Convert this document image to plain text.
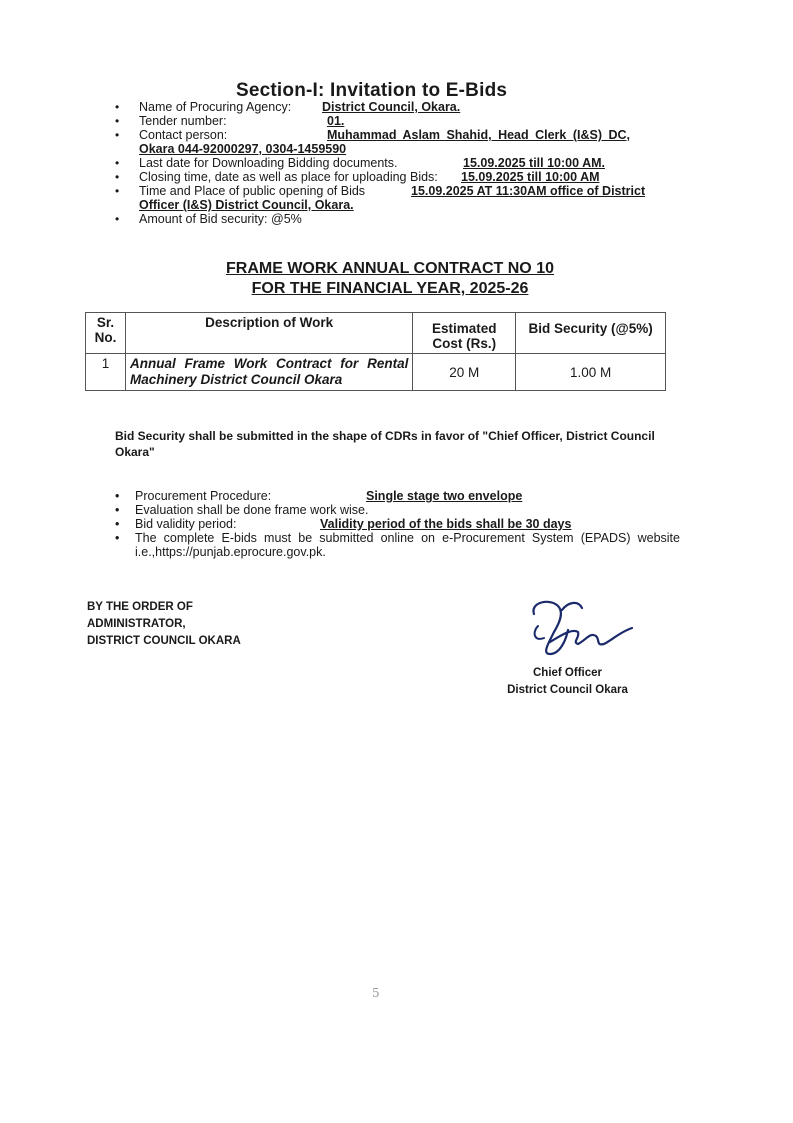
Section-I: Invitation to E-Bids
• Name of Procuring Agency: District Council, Okara.
• Tender number:	01.
• Contact person:	Muhammad Aslam Shahid, Head Clerk (I&S) DC,
Okara 044-92000297, 0304-1459590
• Last date for Downloading Bidding documents.	15.09.2025 till 10:00 AM.
• Closing time, date as well as place for uploading Bids: 15.09.2025 till 10:00 AM
• Time and Place of public opening of Bids	15.09.2025 AT 11:30AM office of District
Officer (I&S) District Council, Okara.
• Amount of Bid security: @5%
FRAME WORK ANNUAL CONTRACT NO 10
FOR THE FINANCIAL YEAR, 2025-26
Sr. No.	Description of Work	Estimated Cost (Rs.)	Bid Security (@5%)
1	Annual Frame Work Contract for Rental Machinery District Council Okara	20 M	1.00 M
Bid Security shall be submitted in the shape of CDRs in favor of "Chief Officer, District Council Okara"
• Procurement Procedure:	Single stage two envelope
• Evaluation shall be done frame work wise.
• Bid validity period:	Validity period of the bids shall be 30 days
• The complete E-bids must be submitted online on e-Procurement System (EPADS) website i.e.,https://punjab.eprocure.gov.pk.
BY THE ORDER OF
ADMINISTRATOR,
DISTRICT COUNCIL OKARA
Chief Officer
District Council Okara
5
